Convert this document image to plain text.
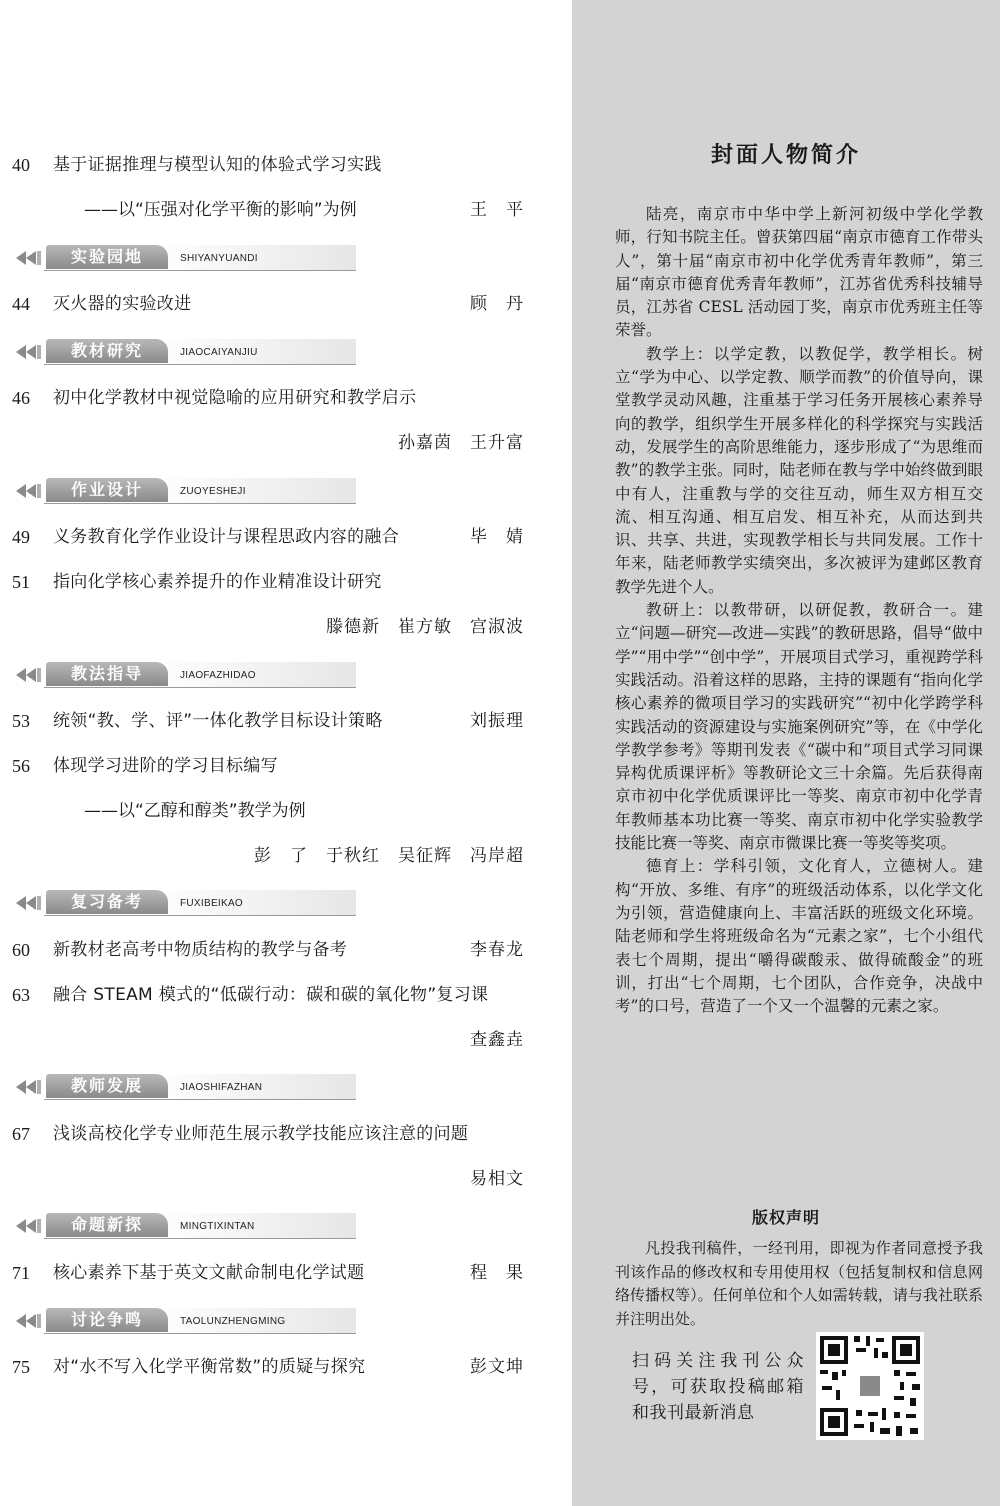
40	基于证据推理与模型认知的体验式学习实践
——以“压强对化学平衡的影响”为例	王　平
实验园地	SHIYANYUANDI
44	灭火器的实验改进	顾　丹
教材研究	JIAOCAIYANJIU
46	初中化学教材中视觉隐喻的应用研究和教学启示
孙嘉茵　王升富
作业设计	ZUOYESHEJI
49	义务教育化学作业设计与课程思政内容的融合	毕　婧
51	指向化学核心素养提升的作业精准设计研究
滕德新　崔方敏　宫淑波
教法指导	JIAOFAZHIDAO
53	统领“教、学、评”一体化教学目标设计策略	刘振理
56	体现学习进阶的学习目标编写
——以“乙醇和醇类”教学为例
彭　了　于秋红　吴征辉　冯岸超
复习备考	FUXIBEIKAO
60	新教材老高考中物质结构的教学与备考	李春龙
63	融合 STEAM 模式的“低碳行动：碳和碳的氧化物”复习课
查鑫垚
教师发展	JIAOSHIFAZHAN
67	浅谈高校化学专业师范生展示教学技能应该注意的问题
易相文
命题新探	MINGTIXINTAN
71	核心素养下基于英文文献命制电化学试题	程　果
讨论争鸣	TAOLUNZHENGMING
75	对“水不写入化学平衡常数”的质疑与探究	彭文坤
封面人物简介

陆亮，南京市中华中学上新河初级中学化学教师，行知书院主任。曾获第四届“南京市德育工作带头人”，第十届“南京市初中化学优秀青年教师”，第三届“南京市德育优秀青年教师”，江苏省优秀科技辅导员，江苏省 CESL 活动园丁奖，南京市优秀班主任等荣誉。

教学上：以学定教，以教促学，教学相长。树立“学为中心、以学定教、顺学而教”的价值导向，课堂教学灵动风趣，注重基于学习任务开展核心素养导向的教学，组织学生开展多样化的科学探究与实践活动，发展学生的高阶思维能力，逐步形成了“为思维而教”的教学主张。同时，陆老师在教与学中始终做到眼中有人，注重教与学的交往互动，师生双方相互交流、相互沟通、相互启发、相互补充，从而达到共识、共享、共进，实现教学相长与共同发展。工作十年来，陆老师教学实绩突出，多次被评为建邺区教育教学先进个人。

教研上：以教带研，以研促教，教研合一。建立“问题—研究—改进—实践”的教研思路，倡导“做中学”“用中学”“创中学”，开展项目式学习，重视跨学科实践活动。沿着这样的思路，主持的课题有“指向化学核心素养的微项目学习的实践研究”“初中化学跨学科实践活动的资源建设与实施案例研究”等，在《中学化学教学参考》等期刊发表《“碳中和”项目式学习同课异构优质课评析》等教研论文三十余篇。先后获得南京市初中化学优质课评比一等奖、南京市初中化学青年教师基本功比赛一等奖、南京市初中化学实验教学技能比赛一等奖、南京市微课比赛一等奖等奖项。

德育上：学科引领，文化育人，立德树人。建构“开放、多维、有序”的班级活动体系，以化学文化为引领，营造健康向上、丰富活跃的班级文化环境。陆老师和学生将班级命名为“元素之家”，七个小组代表七个周期，提出“嚼得碳酸汞、做得硫酸金”的班训，打出“七个周期，七个团队，合作竞争，决战中考”的口号，营造了一个又一个温馨的元素之家。

版权声明
凡投我刊稿件，一经刊用，即视为作者同意授予我刊该作品的修改权和专用使用权（包括复制权和信息网络传播权等）。任何单位和个人如需转载，请与我社联系并注明出处。
扫码关注我刊公众号，可获取投稿邮箱和我刊最新消息
